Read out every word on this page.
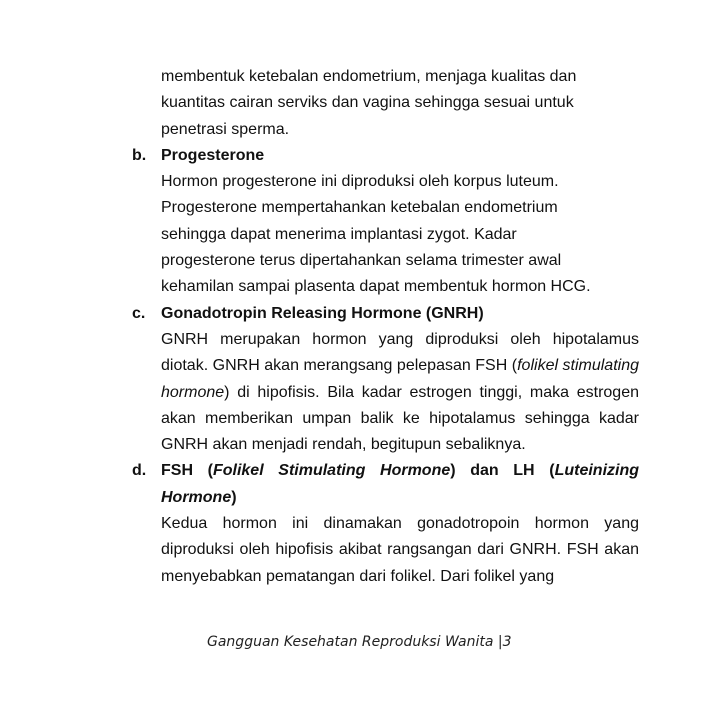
membentuk ketebalan endometrium, menjaga kualitas dan

kuantitas cairan serviks dan vagina sehingga sesuai untuk

penetrasi sperma.

b. Progesterone

Hormon progesterone ini diproduksi oleh korpus luteum.

Progesterone mempertahankan ketebalan endometrium

sehingga dapat menerima implantasi zygot. Kadar

progesterone terus dipertahankan selama trimester awal

kehamilan sampai plasenta dapat membentuk hormon HCG.

c. Gonadotropin Releasing Hormone (GNRH)

GNRH merupakan hormon yang diproduksi oleh hipotalamus diotak. GNRH akan merangsang pelepasan FSH (folikel stimulating hormone) di hipofisis. Bila kadar estrogen tinggi, maka estrogen akan memberikan umpan balik ke hipotalamus sehingga kadar GNRH akan menjadi rendah, begitupun sebaliknya.

d. FSH (Folikel Stimulating Hormone) dan LH (Luteinizing Hormone)

Kedua hormon ini dinamakan gonadotropoin hormon yang diproduksi oleh hipofisis akibat rangsangan dari GNRH. FSH akan menyebabkan pematangan dari folikel. Dari folikel yang

Gangguan Kesehatan Reproduksi Wanita |3
